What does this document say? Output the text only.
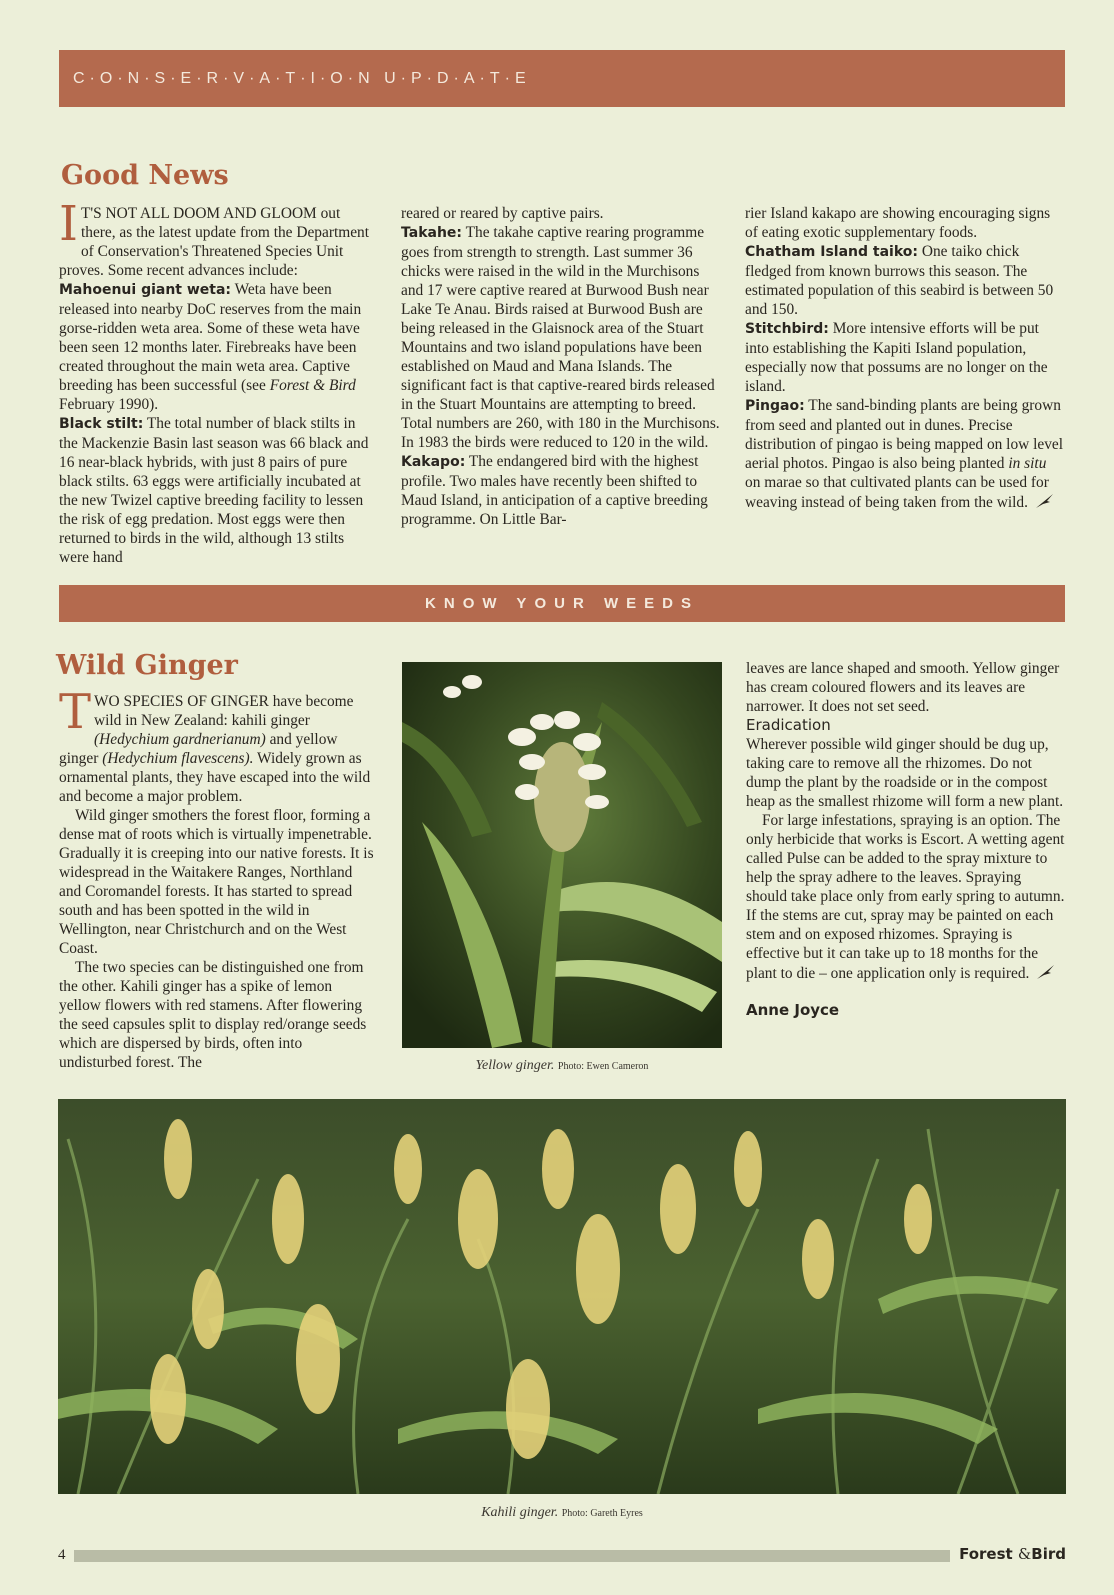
C·O·N·S·E·R·V·A·T·I·O·N U·P·D·A·T·E
Good News

I T'S NOT ALL DOOM AND GLOOM out there, as the latest update from the Department of Conservation's Threatened Species Unit proves. Some recent advances include:

Mahoenui giant weta: Weta have been released into nearby DoC reserves from the main gorse-ridden weta area. Some of these weta have been seen 12 months later. Firebreaks have been created throughout the main weta area. Captive breeding has been successful (see Forest & Bird February 1990).

Black stilt: The total number of black stilts in the Mackenzie Basin last season was 66 black and 16 near-black hybrids, with just 8 pairs of pure black stilts. 63 eggs were artificially incubated at the new Twizel captive breeding facility to lessen the risk of egg predation. Most eggs were then returned to birds in the wild, although 13 stilts were hand

reared or reared by captive pairs.

Takahe: The takahe captive rearing programme goes from strength to strength. Last summer 36 chicks were raised in the wild in the Murchisons and 17 were captive reared at Burwood Bush near Lake Te Anau. Birds raised at Burwood Bush are being released in the Glaisnock area of the Stuart Mountains and two island populations have been established on Maud and Mana Islands. The significant fact is that captive-reared birds released in the Stuart Mountains are attempting to breed. Total numbers are 260, with 180 in the Murchisons. In 1983 the birds were reduced to 120 in the wild.

Kakapo: The endangered bird with the highest profile. Two males have recently been shifted to Maud Island, in anticipation of a captive breeding programme. On Little Bar-

rier Island kakapo are showing encouraging signs of eating exotic supplementary foods.

Chatham Island taiko: One taiko chick fledged from known burrows this season. The estimated population of this seabird is between 50 and 150.

Stitchbird: More intensive efforts will be put into establishing the Kapiti Island population, especially now that possums are no longer on the island.

Pingao: The sand-binding plants are being grown from seed and planted out in dunes. Precise distribution of pingao is being mapped on low level aerial photos. Pingao is also being planted in situ on marae so that cultivated plants can be used for weaving instead of being taken from the wild.

KNOW YOUR WEEDS
Wild Ginger

TWO SPECIES OF GINGER have become wild in New Zealand: kahili ginger (Hedychium gardnerianum) and yellow ginger (Hedychium flavescens). Widely grown as ornamental plants, they have escaped into the wild and become a major problem.

Wild ginger smothers the forest floor, forming a dense mat of roots which is virtually impenetrable. Gradually it is creeping into our native forests. It is widespread in the Waitakere Ranges, Northland and Coromandel forests. It has started to spread south and has been spotted in the wild in Wellington, near Christchurch and on the West Coast.

The two species can be distinguished one from the other. Kahili ginger has a spike of lemon yellow flowers with red stamens. After flowering the seed capsules split to display red/orange seeds which are dispersed by birds, often into undisturbed forest. The	Yellow ginger. Photo: Ewen Cameron

leaves are lance shaped and smooth. Yellow ginger has cream coloured flowers and its leaves are narrower. It does not set seed.

Eradication

Wherever possible wild ginger should be dug up, taking care to remove all the rhizomes. Do not dump the plant by the roadside or in the compost heap as the smallest rhizome will form a new plant.

For large infestations, spraying is an option. The only herbicide that works is Escort. A wetting agent called Pulse can be added to the spray mixture to help the spray adhere to the leaves. Spraying should take place only from early spring to autumn. If the stems are cut, spray may be painted on each stem and on exposed rhizomes. Spraying is effective but it can take up to 18 months for the plant to die – one application only is required.

Anne Joyce

Kahili ginger. Photo: Gareth Eyres
4	Forest &Bird
